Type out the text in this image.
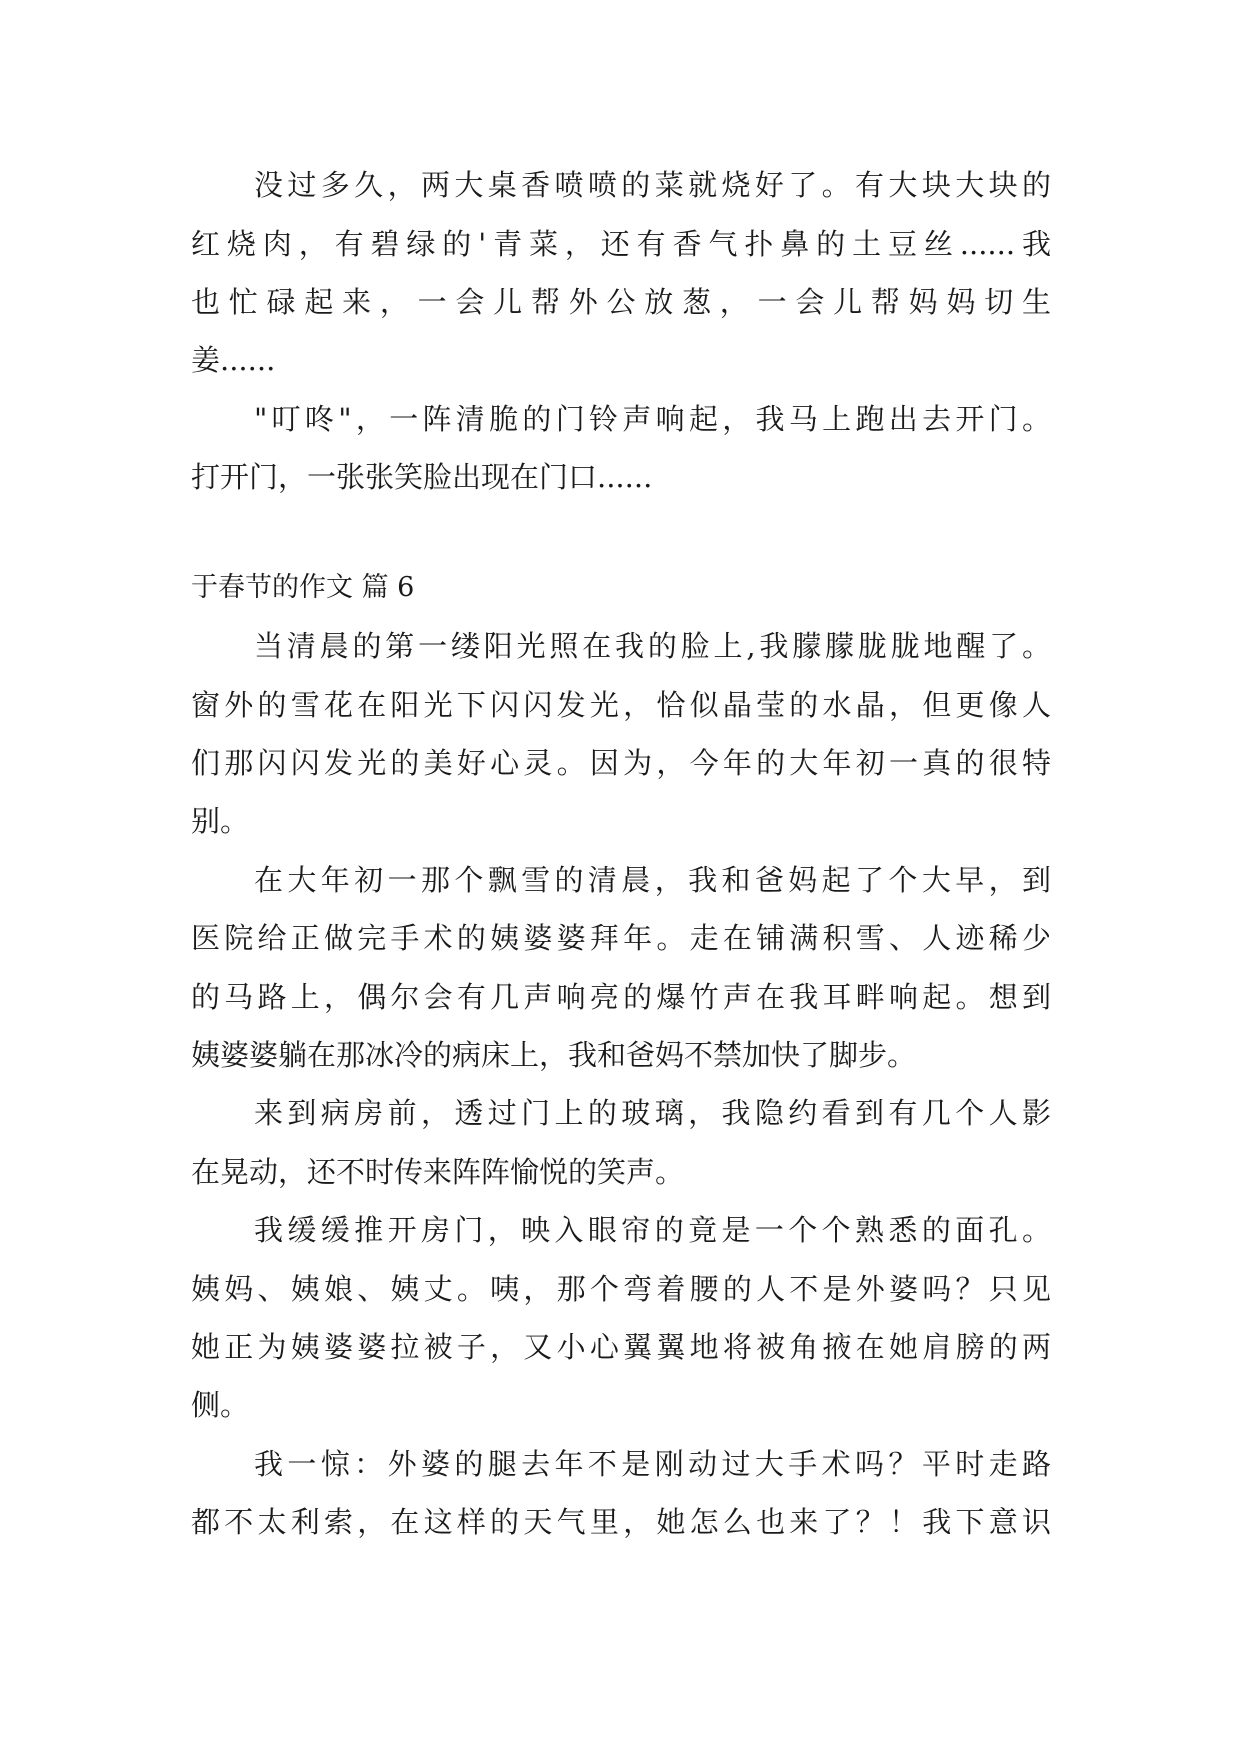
没过多久，两大桌香喷喷的菜就烧好了。有大块大块的
红烧肉，有碧绿的'青菜，还有香气扑鼻的土豆丝......我
也忙碌起来，一会儿帮外公放葱，一会儿帮妈妈切生
姜......
"叮咚"，一阵清脆的门铃声响起，我马上跑出去开门。
打开门，一张张笑脸出现在门口......
于春节的作文 篇 6
当清晨的第一缕阳光照在我的脸上,我朦朦胧胧地醒了。
窗外的雪花在阳光下闪闪发光，恰似晶莹的水晶，但更像人
们那闪闪发光的美好心灵。因为，今年的大年初一真的很特
别。
在大年初一那个飘雪的清晨，我和爸妈起了个大早，到
医院给正做完手术的姨婆婆拜年。走在铺满积雪、人迹稀少
的马路上，偶尔会有几声响亮的爆竹声在我耳畔响起。想到
姨婆婆躺在那冰冷的病床上，我和爸妈不禁加快了脚步。
来到病房前，透过门上的玻璃，我隐约看到有几个人影
在晃动，还不时传来阵阵愉悦的笑声。
我缓缓推开房门，映入眼帘的竟是一个个熟悉的面孔。
姨妈、姨娘、姨丈。咦，那个弯着腰的人不是外婆吗？只见
她正为姨婆婆拉被子，又小心翼翼地将被角掖在她肩膀的两
侧。
我一惊：外婆的腿去年不是刚动过大手术吗？平时走路
都不太利索，在这样的天气里，她怎么也来了？！我下意识
